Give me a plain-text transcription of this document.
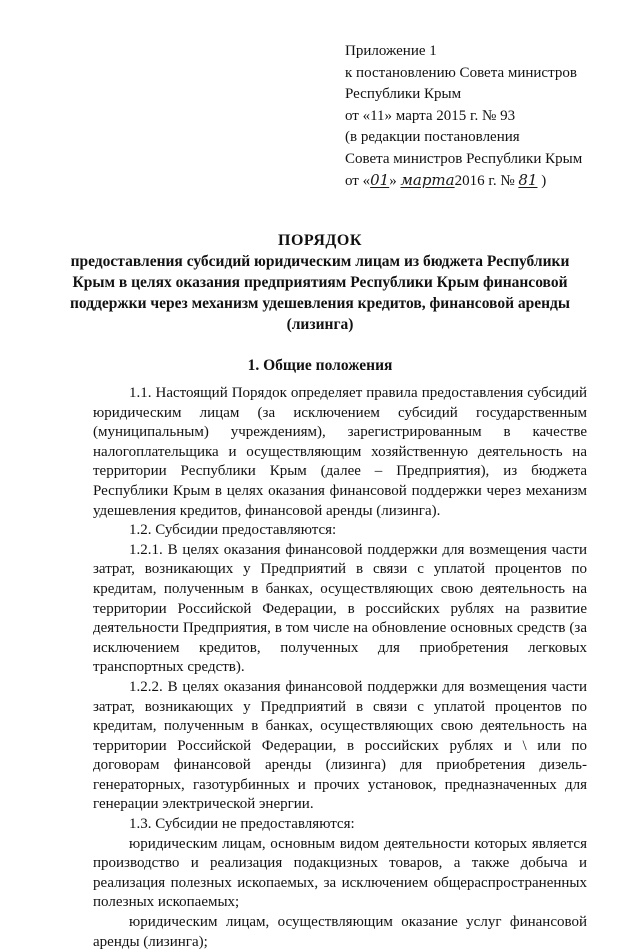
Приложение 1
к постановлению Совета министров
Республики Крым
от «11» марта 2015 г. № 93
(в редакции постановления
Совета министров Республики Крым
от «01» марта2016 г. № 81 )
ПОРЯДОК
предоставления субсидий юридическим лицам из бюджета Республики
Крым в целях оказания предприятиям Республики Крым финансовой
поддержки через механизм удешевления кредитов, финансовой аренды
(лизинга)
1. Общие положения

1.1. Настоящий Порядок определяет правила предоставления субсидий юридическим лицам (за исключением субсидий государственным (муниципальным) учреждениям), зарегистрированным в качестве налогоплательщика и осуществляющим хозяйственную деятельность на территории Республики Крым (далее – Предприятия), из бюджета Республики Крым в целях оказания финансовой поддержки через механизм удешевления кредитов, финансовой аренды (лизинга).

1.2. Субсидии предоставляются:

1.2.1. В целях оказания финансовой поддержки для возмещения части затрат, возникающих у Предприятий в связи с уплатой процентов по кредитам, полученным в банках, осуществляющих свою деятельность на территории Российской Федерации, в российских рублях на развитие деятельности Предприятия, в том числе на обновление основных средств (за исключением кредитов, полученных для приобретения легковых транспортных средств).

1.2.2. В целях оказания финансовой поддержки для возмещения части затрат, возникающих у Предприятий в связи с уплатой процентов по кредитам, полученным в банках, осуществляющих свою деятельность на территории Российской Федерации, в российских рублях и \ или по договорам финансовой аренды (лизинга) для приобретения дизель-генераторных, газотурбинных и прочих установок, предназначенных для генерации электрической энергии.

1.3. Субсидии не предоставляются:

юридическим лицам, основным видом деятельности которых является производство и реализация подакцизных товаров, а также добыча и реализация полезных ископаемых, за исключением общераспространенных полезных ископаемых;

юридическим лицам, осуществляющим оказание услуг финансовой аренды (лизинга);
